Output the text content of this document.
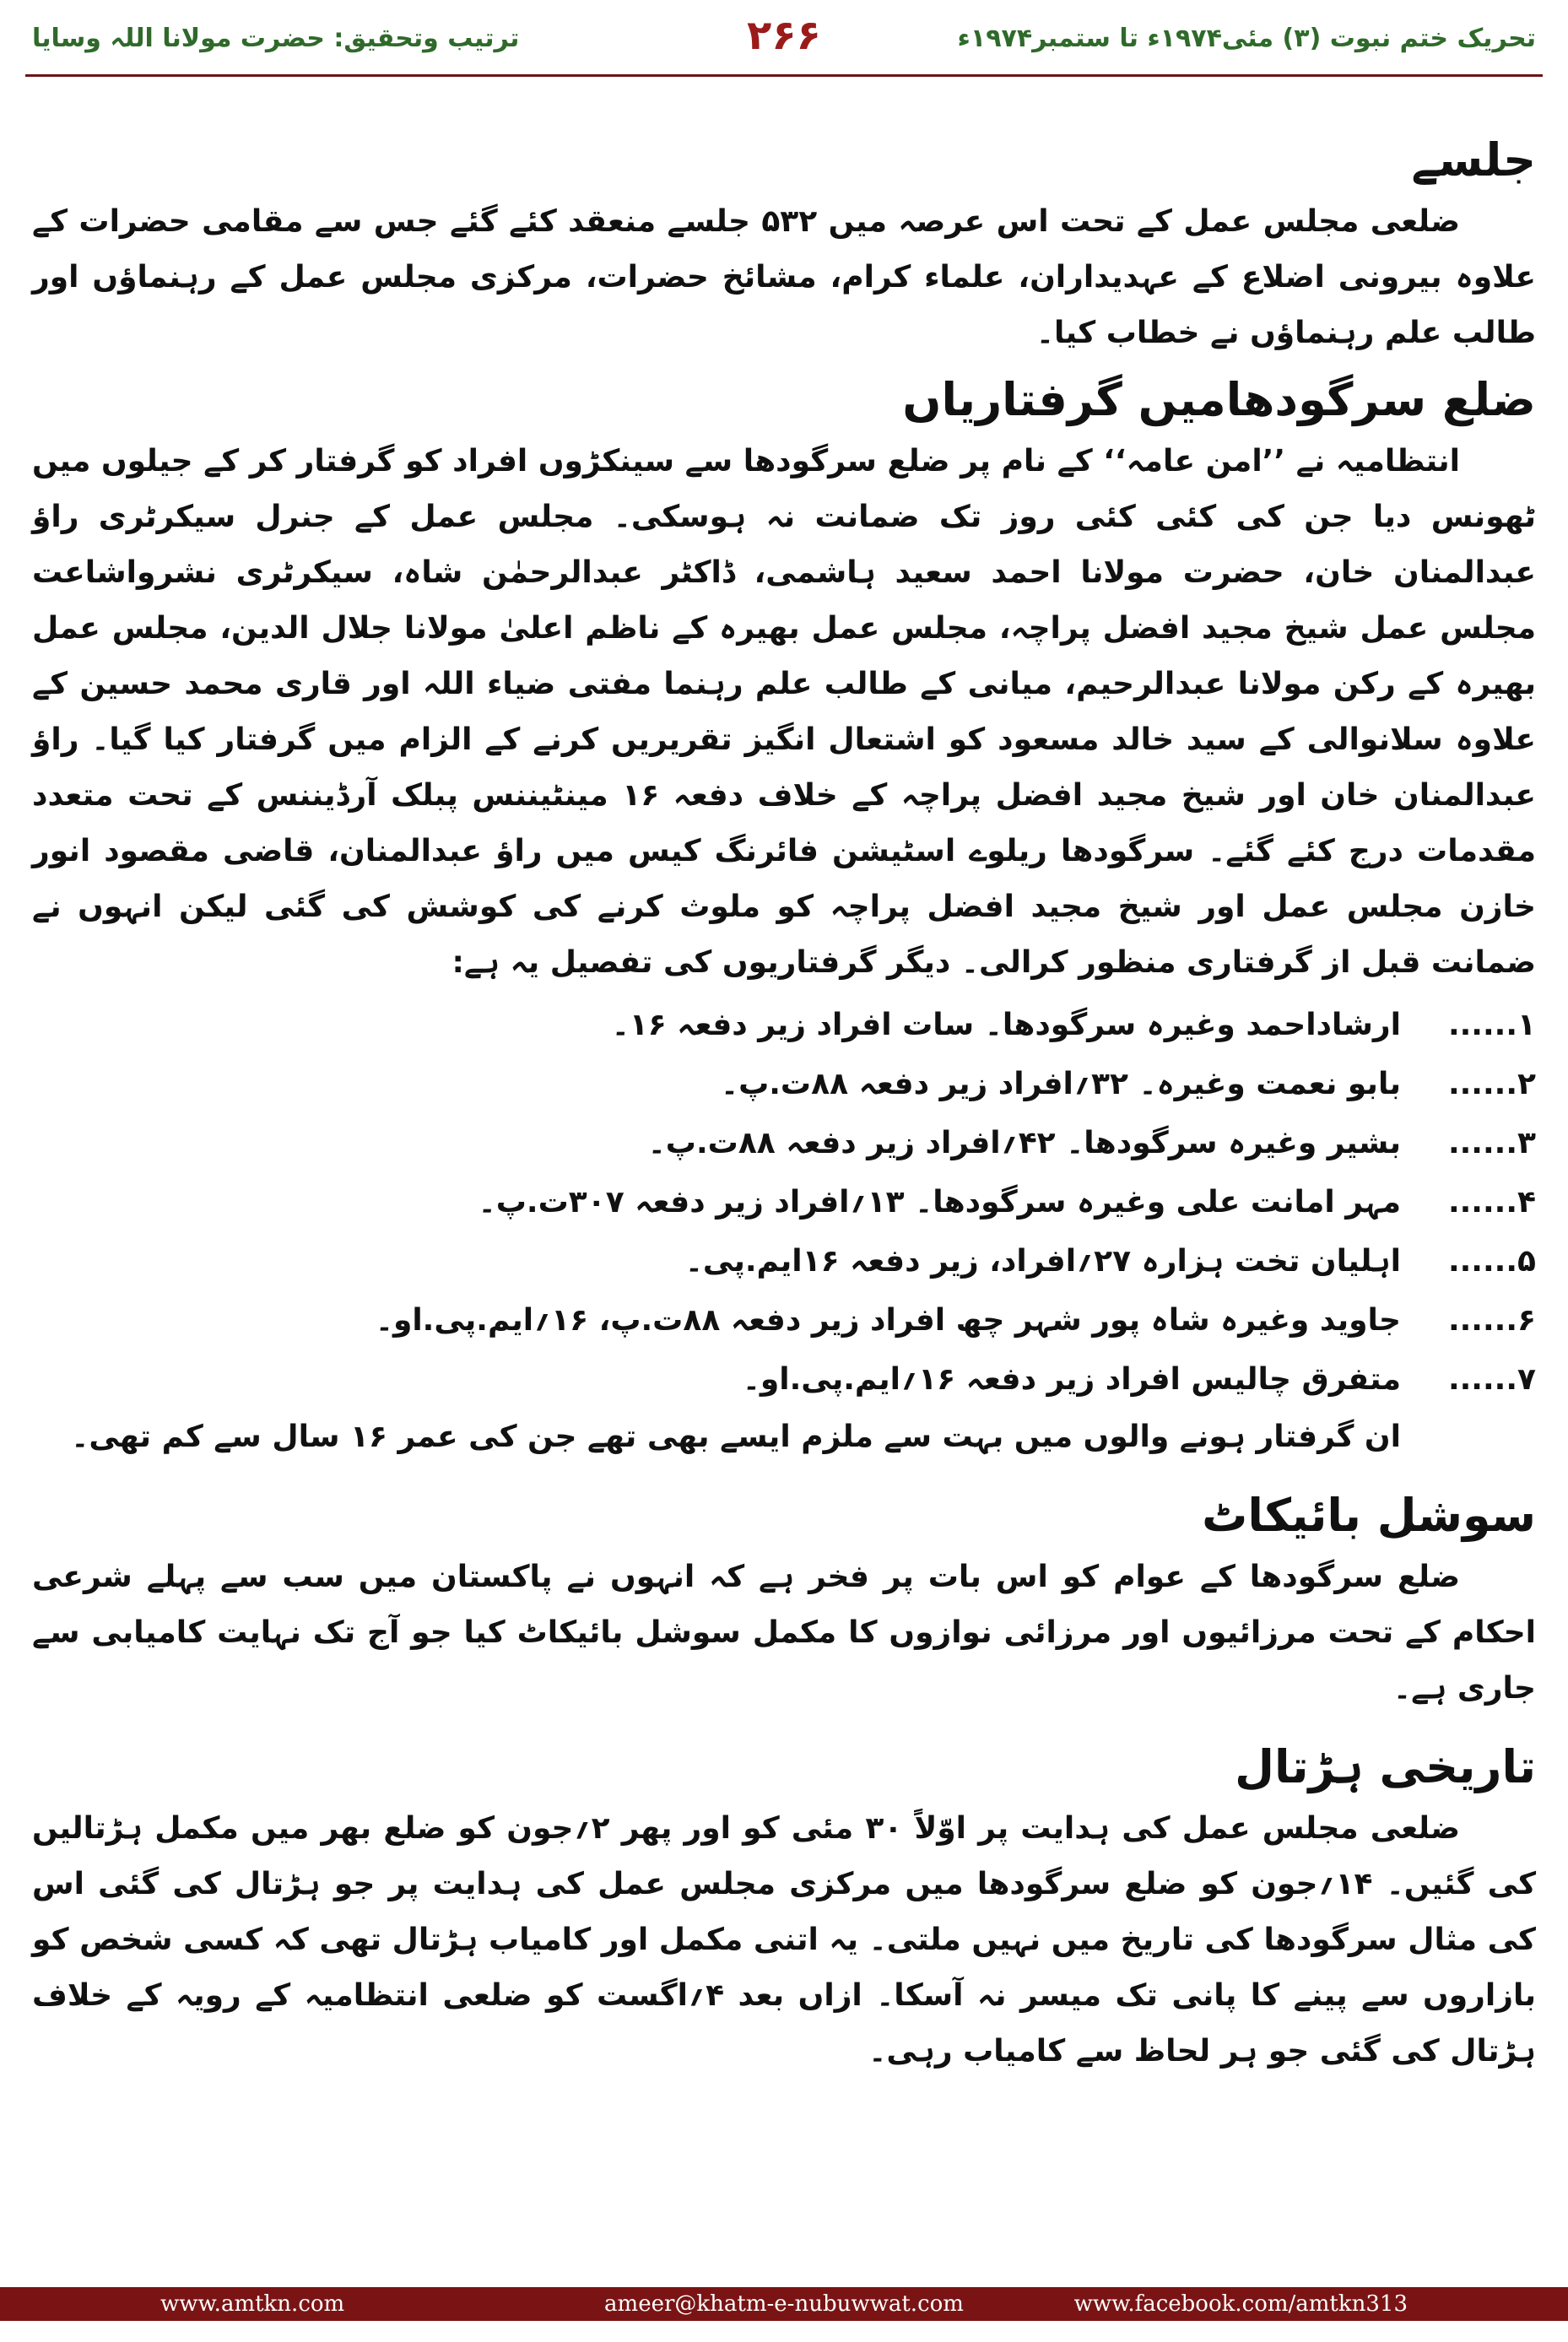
تحریک ختم نبوت (۳) مئی۱۹۷۴ء تا ستمبر۱۹۷۴ء
۲۶۶
ترتیب وتحقیق: حضرت مولانا اللہ وسایا
جلسے

ضلعی مجلس عمل کے تحت اس عرصہ میں ۵۳۲ جلسے منعقد کئے گئے جس سے مقامی حضرات کے علاوہ بیرونی اضلاع کے عہدیداران، علماء کرام، مشائخ حضرات، مرکزی مجلس عمل کے رہنماؤں اور طالب علم رہنماؤں نے خطاب کیا۔

ضلع سرگودھامیں گرفتاریاں

انتظامیہ نے ’’امن عامہ‘‘ کے نام پر ضلع سرگودھا سے سینکڑوں افراد کو گرفتار کر کے جیلوں میں ٹھونس دیا جن کی کئی کئی روز تک ضمانت نہ ہوسکی۔ مجلس عمل کے جنرل سیکرٹری راؤ عبدالمنان خان، حضرت مولانا احمد سعید ہاشمی، ڈاکٹر عبدالرحمٰن شاہ، سیکرٹری نشرواشاعت مجلس عمل شیخ مجید افضل پراچہ، مجلس عمل بھیرہ کے ناظم اعلیٰ مولانا جلال الدین، مجلس عمل بھیرہ کے رکن مولانا عبدالرحیم، میانی کے طالب علم رہنما مفتی ضیاء اللہ اور قاری محمد حسین کے علاوہ سلانوالی کے سید خالد مسعود کو اشتعال انگیز تقریریں کرنے کے الزام میں گرفتار کیا گیا۔ راؤ عبدالمنان خان اور شیخ مجید افضل پراچہ کے خلاف دفعہ ۱۶ مینٹیننس پبلک آرڈیننس کے تحت متعدد مقدمات درج کئے گئے۔ سرگودھا ریلوے اسٹیشن فائرنگ کیس میں راؤ عبدالمنان، قاضی مقصود انور خازن مجلس عمل اور شیخ مجید افضل پراچہ کو ملوث کرنے کی کوشش کی گئی لیکن انہوں نے ضمانت قبل از گرفتاری منظور کرالی۔ دیگر گرفتاریوں کی تفصیل یہ ہے:

۱......
ارشاداحمد وغیرہ سرگودھا۔ سات افراد زیر دفعہ ۱۶۔
۲......
بابو نعمت وغیرہ۔ ۳۲؍افراد زیر دفعہ ۸۸ت.پ۔
۳......
بشیر وغیرہ سرگودھا۔ ۴۲؍افراد زیر دفعہ ۸۸ت.پ۔
۴......
مہر امانت علی وغیرہ سرگودھا۔ ۱۳؍افراد زیر دفعہ ۳۰۷ت.پ۔
۵......
اہلیان تخت ہزارہ ۲۷؍افراد، زیر دفعہ ۱۶ایم.پی۔
۶......
جاوید وغیرہ شاہ پور شہر چھ افراد زیر دفعہ ۸۸ت.پ، ۱۶؍ایم.پی.او۔
۷......
متفرق چالیس افراد زیر دفعہ ۱۶؍ایم.پی.او۔
ان گرفتار ہونے والوں میں بہت سے ملزم ایسے بھی تھے جن کی عمر ۱۶ سال سے کم تھی۔
سوشل بائیکاٹ

ضلع سرگودھا کے عوام کو اس بات پر فخر ہے کہ انہوں نے پاکستان میں سب سے پہلے شرعی احکام کے تحت مرزائیوں اور مرزائی نوازوں کا مکمل سوشل بائیکاٹ کیا جو آج تک نہایت کامیابی سے جاری ہے۔

تاریخی ہڑتال

ضلعی مجلس عمل کی ہدایت پر اوّلاً ۳۰ مئی کو اور پھر ۲؍جون کو ضلع بھر میں مکمل ہڑتالیں کی گئیں۔ ۱۴؍جون کو ضلع سرگودھا میں مرکزی مجلس عمل کی ہدایت پر جو ہڑتال کی گئی اس کی مثال سرگودھا کی تاریخ میں نہیں ملتی۔ یہ اتنی مکمل اور کامیاب ہڑتال تھی کہ کسی شخص کو بازاروں سے پینے کا پانی تک میسر نہ آسکا۔ ازاں بعد ۴؍اگست کو ضلعی انتظامیہ کے رویہ کے خلاف ہڑتال کی گئی جو ہر لحاظ سے کامیاب رہی۔

www.amtkn.com	ameer@khatm-e-nubuwwat.com	www.facebook.com/amtkn313
